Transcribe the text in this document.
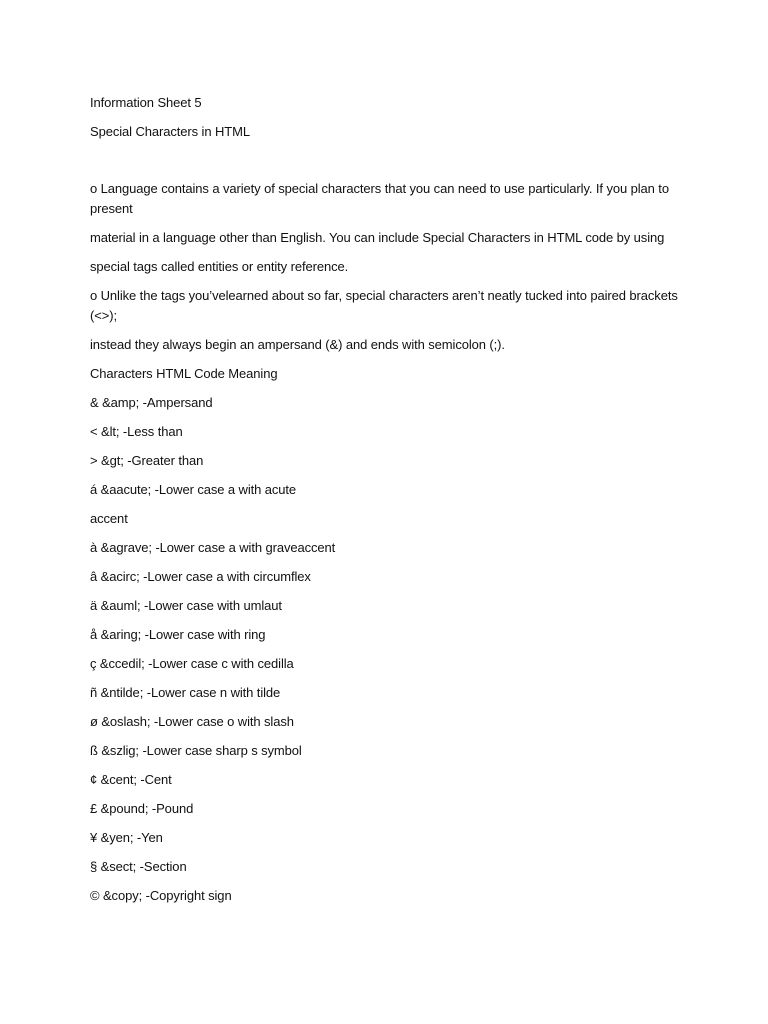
Information Sheet 5
Special Characters in HTML
o Language contains a variety of special characters that you can need to use particularly. If you plan to present
material in a language other than English. You can include Special Characters in HTML code by using
special tags called entities or entity reference.
o Unlike the tags you’velearned about so far, special characters aren’t neatly tucked into paired brackets (<>);
instead they always begin an ampersand (&) and ends with semicolon (;).
Characters HTML Code Meaning
& &amp; -Ampersand
< &lt; -Less than
> &gt; -Greater than
á &aacute; -Lower case a with acute
accent
à &agrave; -Lower case a with graveaccent
â &acirc; -Lower case a with circumflex
ä &auml; -Lower case with umlaut
å &aring; -Lower case with ring
ç &ccedil; -Lower case c with cedilla
ñ &ntilde; -Lower case n with tilde
ø &oslash; -Lower case o with slash
ß &szlig; -Lower case sharp s symbol
¢ &cent; -Cent
£ &pound; -Pound
¥ &yen; -Yen
§ &sect; -Section
© &copy; -Copyright sign
